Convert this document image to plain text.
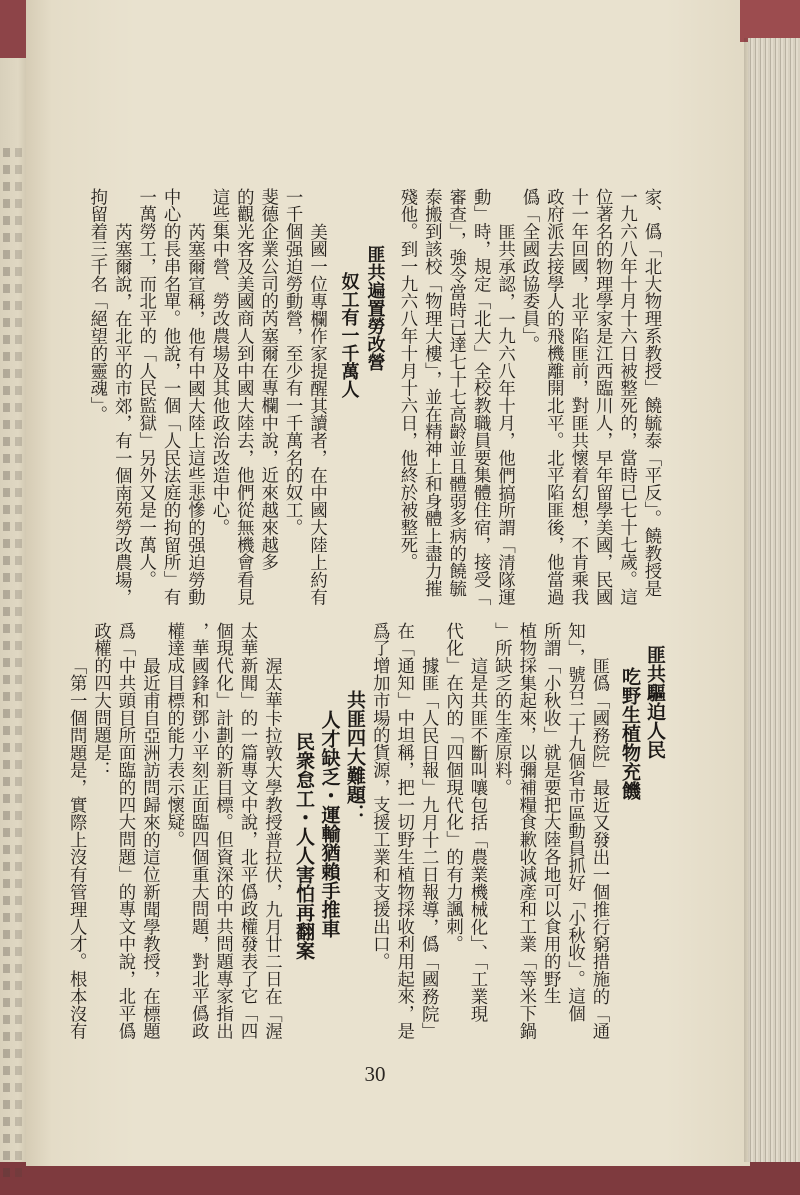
家、僞「北大物理系教授」饒毓泰「平反」。饒教授是
一九六八年十月十六日被整死的，當時已七十七歲。這
位著名的物理學家是江西臨川人，早年留學美國，民國
十一年回國，北平陷匪前，對匪共懷着幻想，不肯乘我
政府派去接學人的飛機離開北平。北平陷匪後，他當過
僞「全國政協委員」。
匪共承認，一九六八年十月，他們搞所謂「清隊運
動」時，規定「北大」全校教職員要集體住宿，接受「
審查」，強令當時已達七十七高齡並且體弱多病的饒毓
泰搬到該校「物理大樓」，並在精神上和身體上盡力摧
殘他。到一九六八年十月十六日，他終於被整死。
匪共遍置勞改營
奴工有一千萬人
美國一位專欄作家提醒其讀者，在中國大陸上約有
一千個强迫勞動營，至少有一千萬名的奴工。
斐德企業公司的芮塞爾在專欄中說，近來越來越多
的觀光客及美國商人到中國大陸去，他們從無機會看見
這些集中營、勞改農場及其他政治改造中心。
芮塞爾宣稱，他有中國大陸上這些悲慘的强迫勞動
中心的長串名單。他說，一個「人民法庭的拘留所」有
一萬勞工，而北平的「人民監獄」另外又是一萬人。
芮塞爾說，在北平的市郊，有一個南苑勞改農場，
拘留着三千名「絕望的靈魂」。
匪共驅迫人民
吃野生植物充饑
匪僞「國務院」最近又發出一個推行窮措施的「通
知」，號召二十九個省市區動員抓好「小秋收」。這個
所謂「小秋收」就是要把大陸各地可以食用的野生
植物採集起來，以彌補糧食歉收減產和工業「等米下鍋
」所缺乏的生產原料。
這是共匪不斷叫嚷包括「農業機械化」、「工業現
代化」在內的「四個現代化」的有力諷刺。
據匪「人民日報」九月十二日報導，僞「國務院」
在「通知」中坦稱，把一切野生植物採收利用起來，是
爲了增加市場的貨源，支援工業和支援出口。
共匪四大難題：
人才缺乏・運輸猶賴手推車
民衆怠工・人人害怕再翻案
渥太華卡拉敦大學教授普拉伏，九月廿二日在「渥
太華新聞」的一篇專文中說，北平僞政權發表了它「四
個現代化」計劃的新目標。但資深的中共問題專家指出
，華國鋒和鄧小平刻正面臨四個重大問題，對北平僞政
權達成目標的能力表示懷疑。
最近甫自亞洲訪問歸來的這位新聞學教授，在標題
爲「中共頭目所面臨的四大問題」的專文中說，北平僞
政權的四大問題是：
「第一個問題是，實際上沒有管理人才。根本沒有
30
